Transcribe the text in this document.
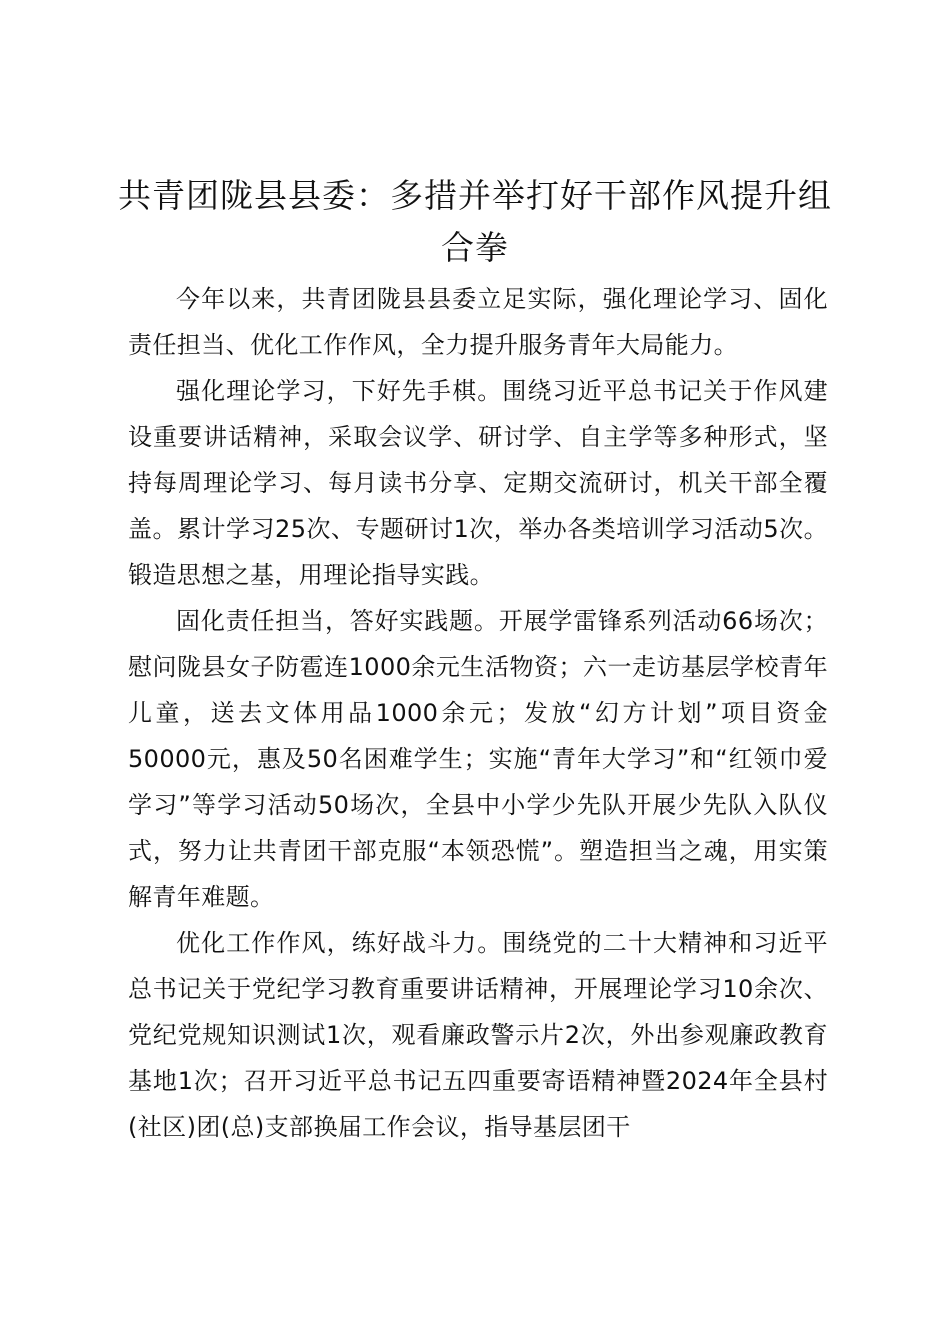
共青团陇县县委：多措并举打好干部作风提升组合拳

今年以来，共青团陇县县委立足实际，强化理论学习、固化责任担当、优化工作作风，全力提升服务青年大局能力。

强化理论学习，下好先手棋。围绕习近平总书记关于作风建设重要讲话精神，采取会议学、研讨学、自主学等多种形式，坚持每周理论学习、每月读书分享、定期交流研讨，机关干部全覆盖。累计学习25次、专题研讨1次，举办各类培训学习活动5次。锻造思想之基，用理论指导实践。

固化责任担当，答好实践题。开展学雷锋系列活动66场次；慰问陇县女子防雹连1000余元生活物资；六一走访基层学校青年儿童，送去文体用品1000余元；发放“幻方计划”项目资金50000元，惠及50名困难学生；实施“青年大学习”和“红领巾爱学习”等学习活动50场次，全县中小学少先队开展少先队入队仪式，努力让共青团干部克服“本领恐慌”。塑造担当之魂，用实策解青年难题。

优化工作作风，练好战斗力。围绕党的二十大精神和习近平总书记关于党纪学习教育重要讲话精神，开展理论学习10余次、党纪党规知识测试1次，观看廉政警示片2次，外出参观廉政教育基地1次；召开习近平总书记五四重要寄语精神暨2024年全县村(社区)团(总)支部换届工作会议，指导基层团干
